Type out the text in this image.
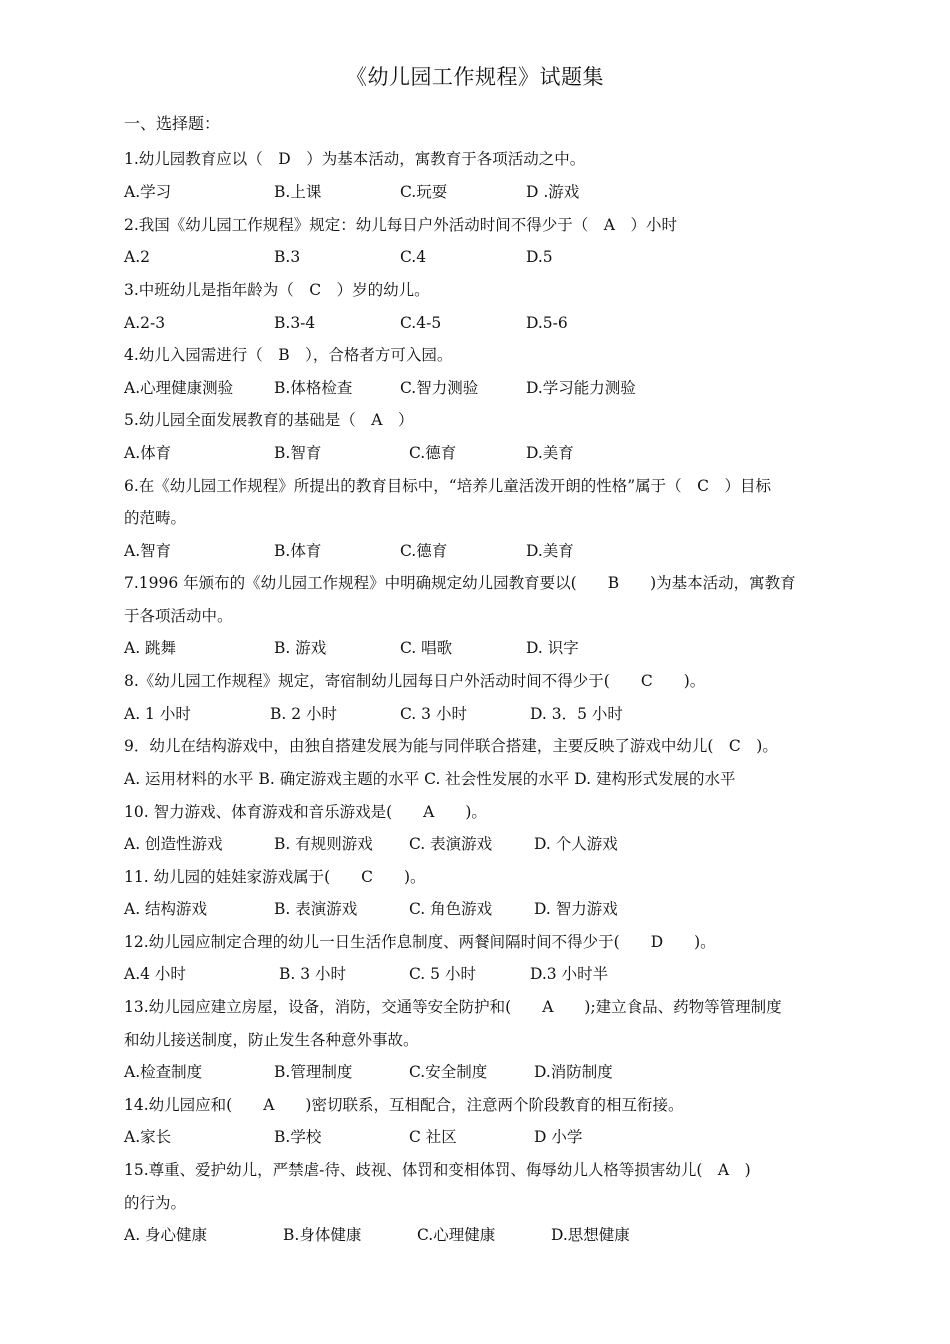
《幼儿园工作规程》试题集
一、选择题：
1.幼儿园教育应以（　D　）为基本活动，寓教育于各项活动之中。
A.学习	B.上课	C.玩耍	D .游戏
2.我国《幼儿园工作规程》规定：幼儿每日户外活动时间不得少于（　A　）小时
A.2	B.3	C.4	D.5
3.中班幼儿是指年龄为（　C　）岁的幼儿。
A.2-3	B.3-4	C.4-5	D.5-6
4.幼儿入园需进行（　B　），合格者方可入园。
A.心理健康测验	B.体格检查	C.智力测验	D.学习能力测验
5.幼儿园全面发展教育的基础是（　A　）
A.体育	B.智育	C.德育	D.美育
6.在《幼儿园工作规程》所提出的教育目标中，“培养儿童活泼开朗的性格”属于（　C　）目标
的范畴。
A.智育	B.体育	C.德育	D.美育
7.1996 年颁布的《幼儿园工作规程》中明确规定幼儿园教育要以(　　B　　)为基本活动，寓教育
于各项活动中。
A. 跳舞	B. 游戏	C. 唱歌	D. 识字
8.《幼儿园工作规程》规定，寄宿制幼儿园每日户外活动时间不得少于(　　C　　)。
A. 1 小时	B. 2 小时	C. 3 小时	D. 3．5 小时
9．幼儿在结构游戏中，由独自搭建发展为能与同伴联合搭建，主要反映了游戏中幼儿(　C　)。
A. 运用材料的水平 B. 确定游戏主题的水平 C. 社会性发展的水平 D. 建构形式发展的水平
10. 智力游戏、体育游戏和音乐游戏是(　　A　　)。
A. 创造性游戏	B. 有规则游戏 C. 表演游戏	D. 个人游戏
11. 幼儿园的娃娃家游戏属于(　　C　　)。
A. 结构游戏	B. 表演游戏	C. 角色游戏	D. 智力游戏
12.幼儿园应制定合理的幼儿一日生活作息制度、两餐间隔时间不得少于(　　D　　)。
A.4 小时	B. 3 小时	C. 5 小时	D.3 小时半
13.幼儿园应建立房屋，设备，消防，交通等安全防护和(　　A　　);建立食品、药物等管理制度
和幼儿接送制度，防止发生各种意外事故。
A.检查制度	B.管理制度	C.安全制度	D.消防制度
14.幼儿园应和(　　A　　)密切联系，互相配合，注意两个阶段教育的相互衔接。
A.家长	B.学校	C 社区	D 小学
15.尊重、爱护幼儿，严禁虐-待、歧视、体罚和变相体罚、侮辱幼儿人格等损害幼儿(　A　)
的行为。
A. 身心健康	B.身体健康	C.心理健康	D.思想健康
